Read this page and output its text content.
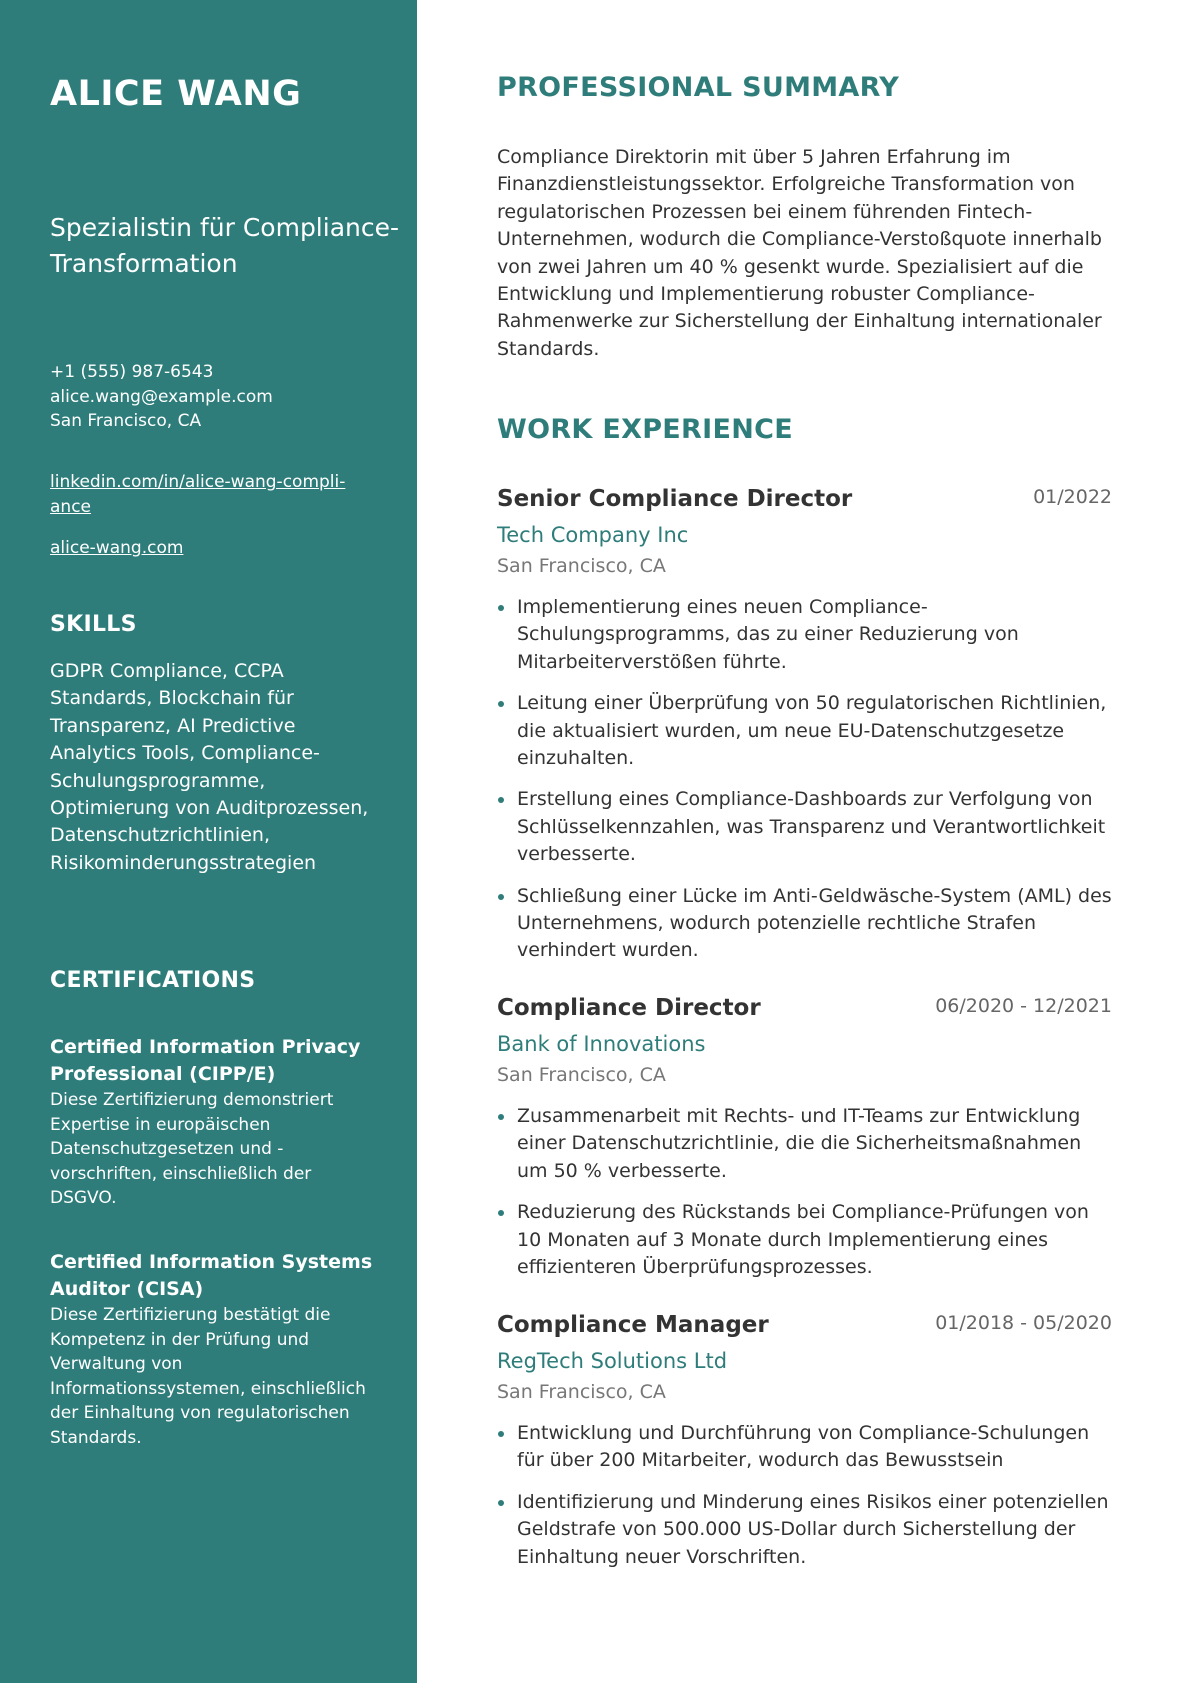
ALICE WANG
Spezialistin für Compliance-Transformation
+1 (555) 987-6543
alice.wang@example.com
San Francisco, CA
linkedin.com/in/alice-wang-compli-ance
alice-wang.com
SKILLS
GDPR Compliance, CCPA Standards, Blockchain für Transparenz, AI Predictive Analytics Tools, Compliance-Schulungsprogramme, Optimierung von Auditprozessen, Datenschutzrichtlinien, Risikominderungsstrategien
CERTIFICATIONS
Certified Information Privacy Professional (CIPP/E)
Diese Zertifizierung demonstriert Expertise in europäischen Datenschutzgesetzen und -vorschriften, einschließlich der DSGVO.
Certified Information Systems Auditor (CISA)
Diese Zertifizierung bestätigt die Kompetenz in der Prüfung und Verwaltung von Informationssystemen, einschließlich der Einhaltung von regulatorischen Standards.
PROFESSIONAL SUMMARY
Compliance Direktorin mit über 5 Jahren Erfahrung im Finanzdienstleistungssektor. Erfolgreiche Transformation von regulatorischen Prozessen bei einem führenden Fintech-Unternehmen, wodurch die Compliance-Verstoßquote innerhalb von zwei Jahren um 40 % gesenkt wurde. Spezialisiert auf die Entwicklung und Implementierung robuster Compliance-Rahmenwerke zur Sicherstellung der Einhaltung internationaler Standards.
WORK EXPERIENCE
Senior Compliance Director	01/2022
Tech Company Inc
San Francisco, CA
Implementierung eines neuen Compliance-Schulungsprogramms, das zu einer Reduzierung von Mitarbeiterverstößen führte.
Leitung einer Überprüfung von 50 regulatorischen Richtlinien, die aktualisiert wurden, um neue EU-Datenschutzgesetze einzuhalten.
Erstellung eines Compliance-Dashboards zur Verfolgung von Schlüsselkennzahlen, was Transparenz und Verantwortlichkeit verbesserte.
Schließung einer Lücke im Anti-Geldwäsche-System (AML) des Unternehmens, wodurch potenzielle rechtliche Strafen verhindert wurden.
Compliance Director	06/2020 - 12/2021
Bank of Innovations
San Francisco, CA
Zusammenarbeit mit Rechts- und IT-Teams zur Entwicklung einer Datenschutzrichtlinie, die die Sicherheitsmaßnahmen um 50 % verbesserte.
Reduzierung des Rückstands bei Compliance-Prüfungen von 10 Monaten auf 3 Monate durch Implementierung eines effizienteren Überprüfungsprozesses.
Compliance Manager	01/2018 - 05/2020
RegTech Solutions Ltd
San Francisco, CA
Entwicklung und Durchführung von Compliance-Schulungen für über 200 Mitarbeiter, wodurch das Bewusstsein
Identifizierung und Minderung eines Risikos einer potenziellen Geldstrafe von 500.000 US-Dollar durch Sicherstellung der Einhaltung neuer Vorschriften.
